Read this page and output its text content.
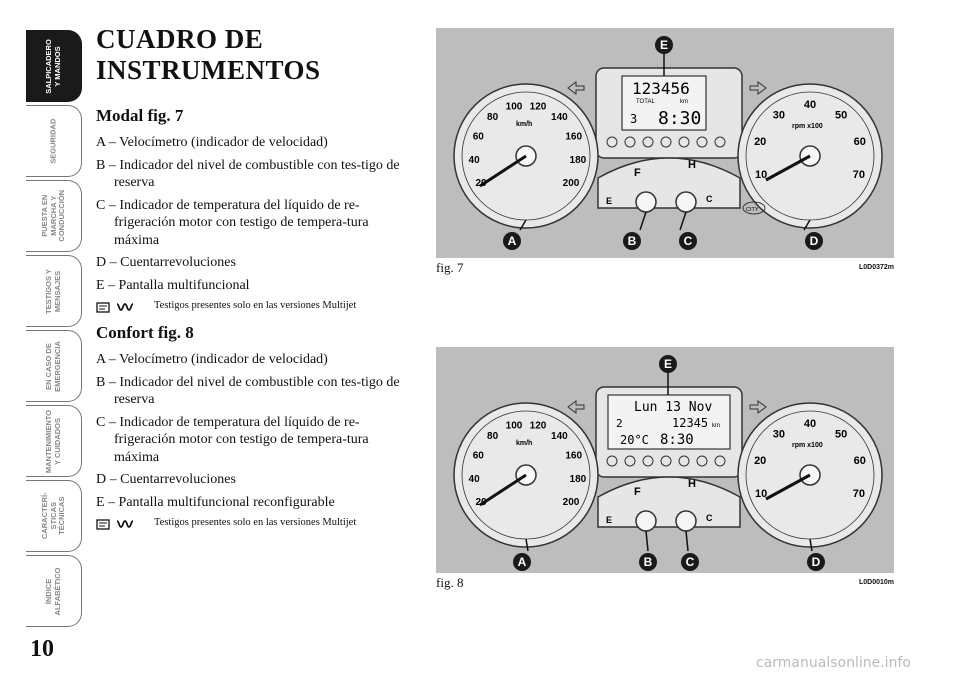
SALPICADERO
Y MANDOS
SEGURIDAD
PUESTA EN
MARCHA Y
CONDUCCIÓN
TESTIGOS Y
MENSAJES
EN CASO DE
EMERGENCIA
MANTENIMIENTO
Y CUIDADOS
CARACTERÍ-
STICAS
TÉCNICAS
ÍNDICE
ALFABÉTICO
10
CUADRO DE
INSTRUMENTOS
Modal fig. 7
A – Velocímetro (indicador de velocidad)
B – Indicador del nivel de combustible con tes-tigo de reserva
C – Indicador de temperatura del líquido de re-frigeración motor con testigo de tempera-tura máxima
D – Cuentarrevoluciones
E – Pantalla multifuncional
Testigos presentes solo en las versiones Multijet
Confort fig. 8
A – Velocímetro (indicador de velocidad)
B – Indicador del nivel de combustible con tes-tigo de reserva
C – Indicador de temperatura del líquido de re-frigeración motor con testigo de tempera-tura máxima
D – Cuentarrevoluciones
E – Pantalla multifuncional reconfigurable
Testigos presentes solo en las versiones Multijet
123456
TOTAL	km
3 8:30
F
E
H
C
km/h
20
40
60
80
100 120
140
160
180
200
rpm x100
10
20
30
40
50
60
70
CITY
E
A	B	C	D
fig. 7	L0D0372m
Lun 13 Nov
2	12345 km
20°C 8:30
F
E
H
C
km/h
20
40
60
80
100 120
140
160
180
200
rpm x100
10
20
30
40
50
60
70
E
A	B	C	D
fig. 8	L0D0010m
carmanualsonline.info
